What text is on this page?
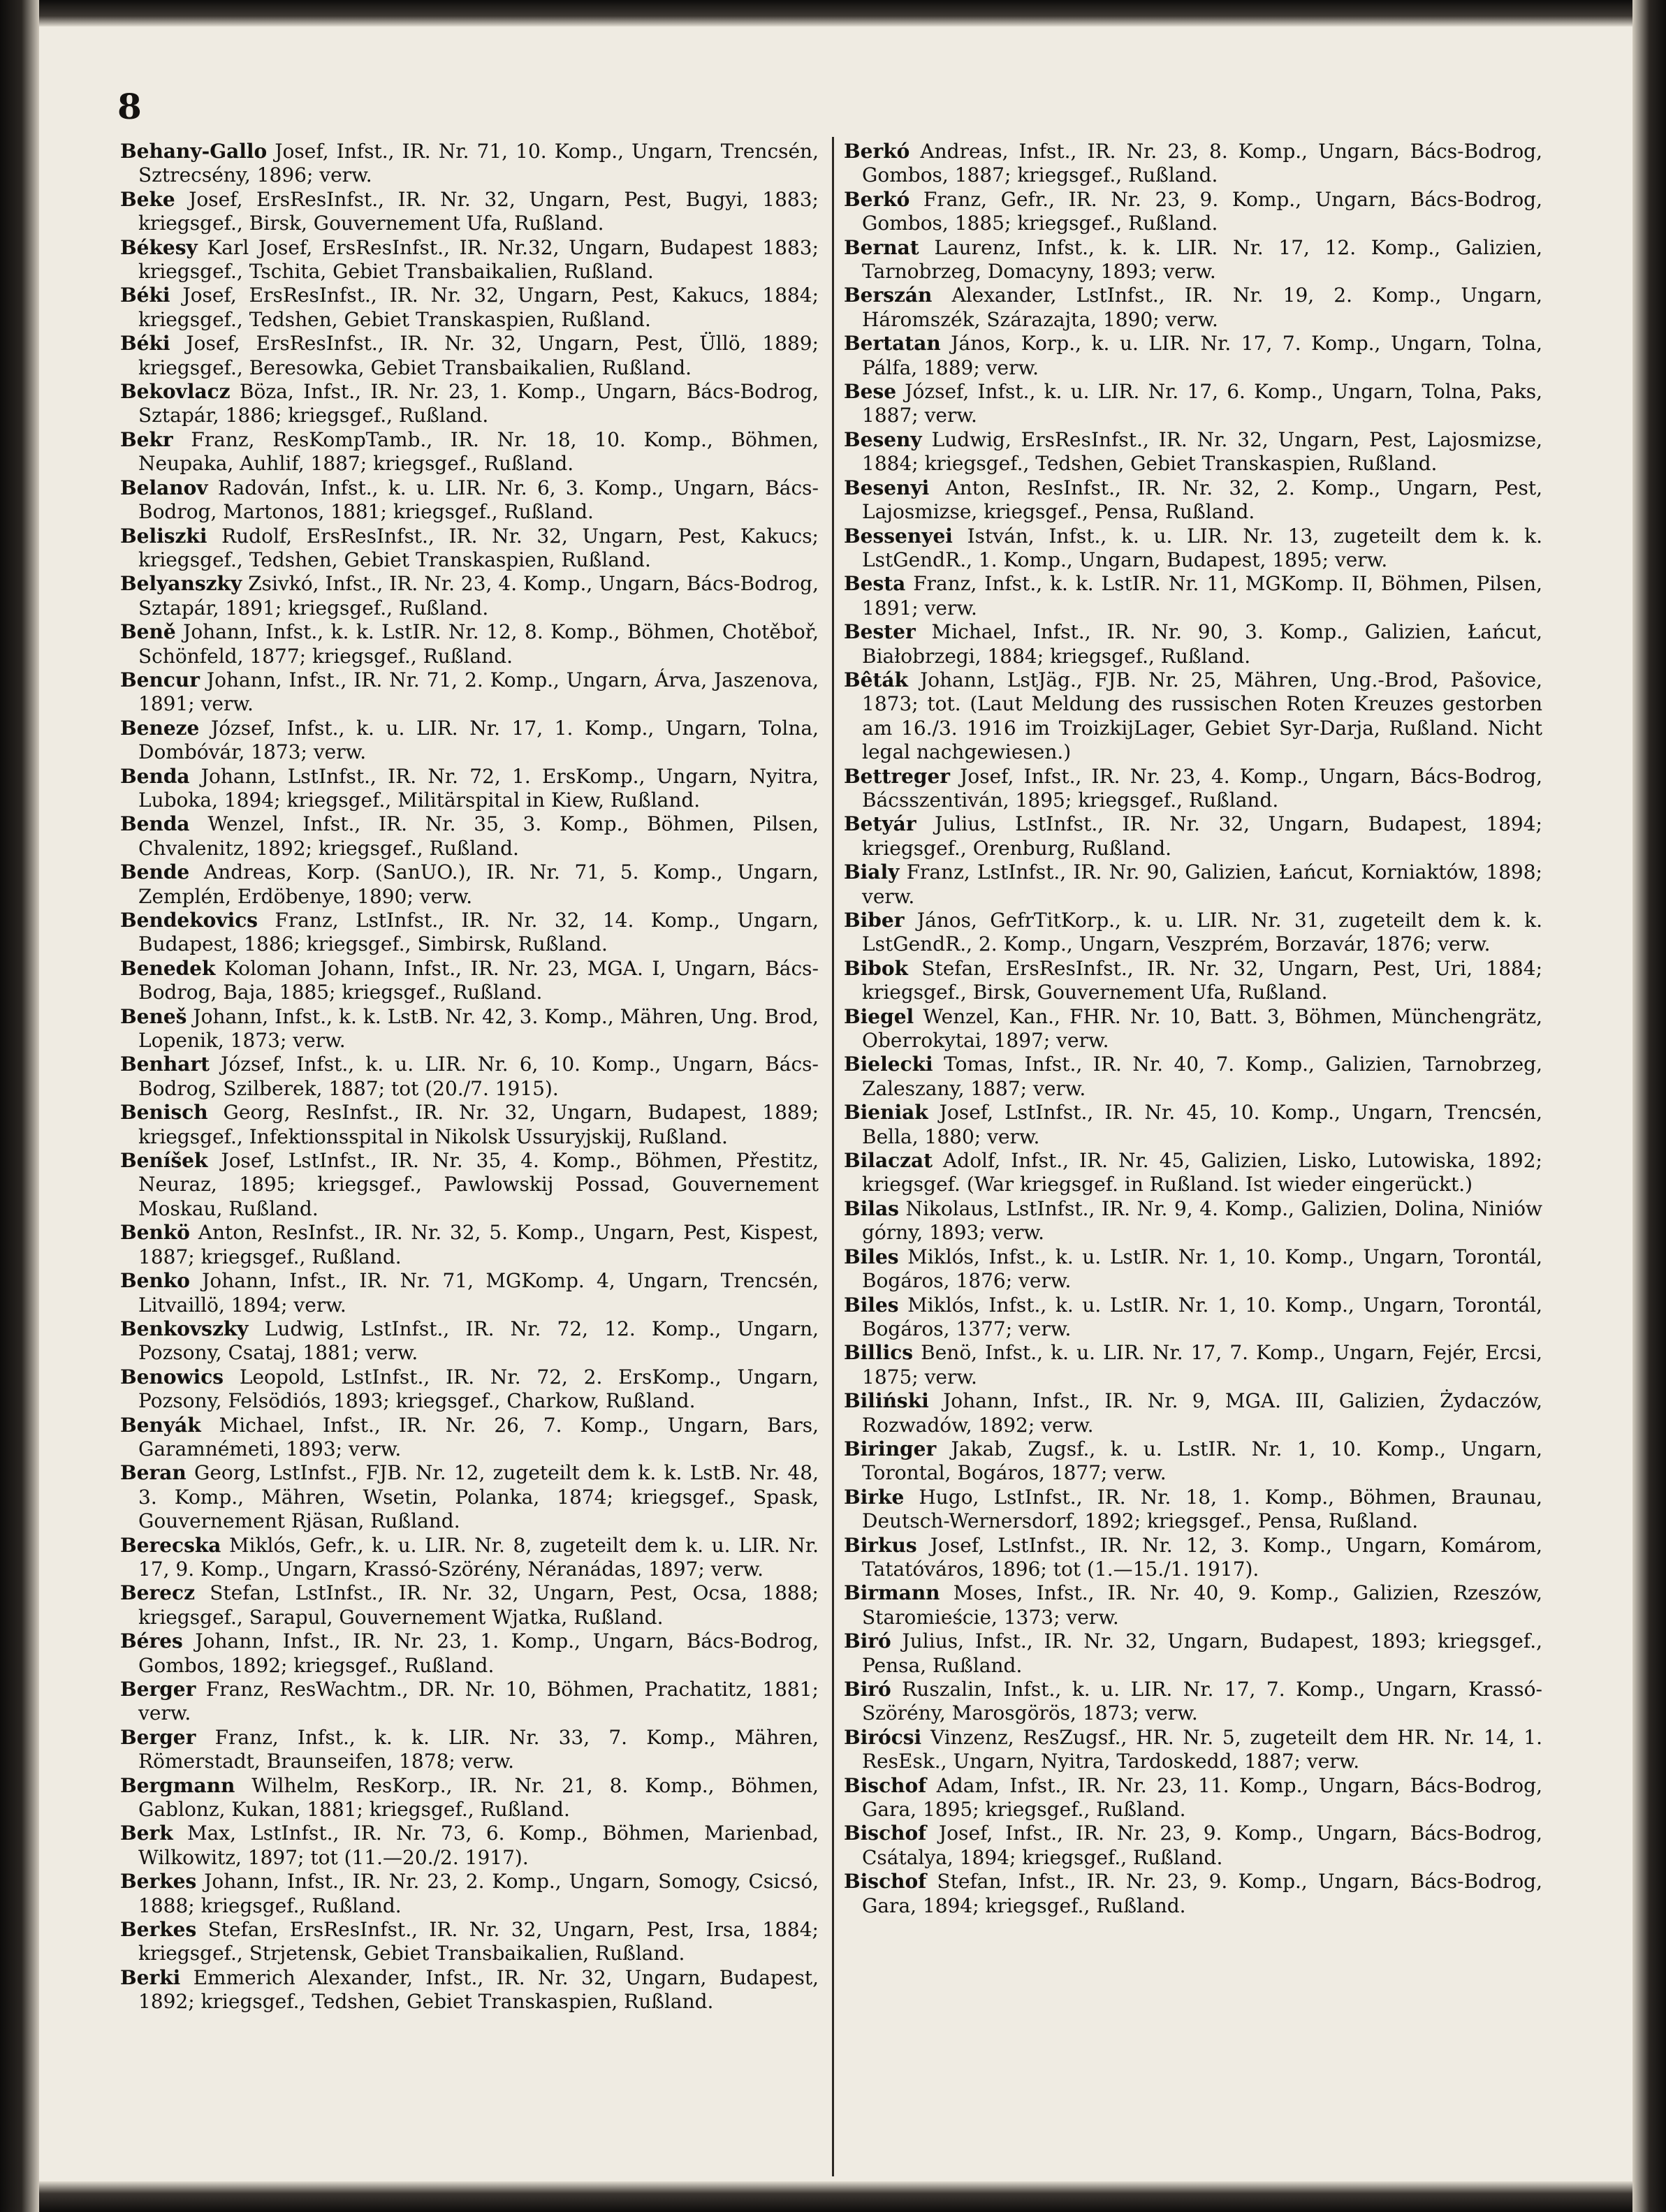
8

Behany-Gallo Josef, Infst., IR. Nr. 71, 10. Komp., Ungarn, Trencsén, Sztrecsény, 1896; verw.

Beke Josef, ErsResInfst., IR. Nr. 32, Ungarn, Pest, Bugyi, 1883; kriegsgef., Birsk, Gouvernement Ufa, Rußland.

Békesy Karl Josef, ErsResInfst., IR. Nr.32, Ungarn, Budapest 1883; kriegsgef., Tschita, Gebiet Transbaikalien, Rußland.

Béki Josef, ErsResInfst., IR. Nr. 32, Ungarn, Pest, Kakucs, 1884; kriegsgef., Tedshen, Gebiet Transkaspien, Rußland.

Béki Josef, ErsResInfst., IR. Nr. 32, Ungarn, Pest, Üllö, 1889; kriegsgef., Beresowka, Gebiet Transbaikalien, Rußland.

Bekovlacz Böza, Infst., IR. Nr. 23, 1. Komp., Ungarn, Bács-Bodrog, Sztapár, 1886; kriegsgef., Rußland.

Bekr Franz, ResKompTamb., IR. Nr. 18, 10. Komp., Böhmen, Neupaka, Auhlif, 1887; kriegsgef., Rußland.

Belanov Radován, Infst., k. u. LIR. Nr. 6, 3. Komp., Ungarn, Bács-Bodrog, Martonos, 1881; kriegsgef., Rußland.

Beliszki Rudolf, ErsResInfst., IR. Nr. 32, Ungarn, Pest, Kakucs; kriegsgef., Tedshen, Gebiet Transkaspien, Rußland.

Belyanszky Zsivkó, Infst., IR. Nr. 23, 4. Komp., Ungarn, Bács-Bodrog, Sztapár, 1891; kriegsgef., Rußland.

Beně Johann, Infst., k. k. LstIR. Nr. 12, 8. Komp., Böhmen, Chotěboř, Schönfeld, 1877; kriegsgef., Rußland.

Bencur Johann, Infst., IR. Nr. 71, 2. Komp., Ungarn, Árva, Jaszenova, 1891; verw.

Beneze József, Infst., k. u. LIR. Nr. 17, 1. Komp., Ungarn, Tolna, Dombóvár, 1873; verw.

Benda Johann, LstInfst., IR. Nr. 72, 1. ErsKomp., Ungarn, Nyitra, Luboka, 1894; kriegsgef., Militärspital in Kiew, Rußland.

Benda Wenzel, Infst., IR. Nr. 35, 3. Komp., Böhmen, Pilsen, Chvalenitz, 1892; kriegsgef., Rußland.

Bende Andreas, Korp. (SanUO.), IR. Nr. 71, 5. Komp., Ungarn, Zemplén, Erdöbenye, 1890; verw.

Bendekovics Franz, LstInfst., IR. Nr. 32, 14. Komp., Ungarn, Budapest, 1886; kriegsgef., Simbirsk, Rußland.

Benedek Koloman Johann, Infst., IR. Nr. 23, MGA. I, Ungarn, Bács-Bodrog, Baja, 1885; kriegsgef., Rußland.

Beneš Johann, Infst., k. k. LstB. Nr. 42, 3. Komp., Mähren, Ung. Brod, Lopenik, 1873; verw.

Benhart József, Infst., k. u. LIR. Nr. 6, 10. Komp., Ungarn, Bács-Bodrog, Szilberek, 1887; tot (20./7. 1915).

Benisch Georg, ResInfst., IR. Nr. 32, Ungarn, Budapest, 1889; kriegsgef., Infektionsspital in Nikolsk Ussuryjskij, Rußland.

Beníšek Josef, LstInfst., IR. Nr. 35, 4. Komp., Böhmen, Přestitz, Neuraz, 1895; kriegsgef., Pawlowskij Possad, Gouvernement Moskau, Rußland.

Benkö Anton, ResInfst., IR. Nr. 32, 5. Komp., Ungarn, Pest, Kispest, 1887; kriegsgef., Rußland.

Benko Johann, Infst., IR. Nr. 71, MGKomp. 4, Ungarn, Trencsén, Litvaillö, 1894; verw.

Benkovszky Ludwig, LstInfst., IR. Nr. 72, 12. Komp., Ungarn, Pozsony, Csataj, 1881; verw.

Benowics Leopold, LstInfst., IR. Nr. 72, 2. ErsKomp., Ungarn, Pozsony, Felsödiós, 1893; kriegsgef., Charkow, Rußland.

Benyák Michael, Infst., IR. Nr. 26, 7. Komp., Ungarn, Bars, Garamnémeti, 1893; verw.

Beran Georg, LstInfst., FJB. Nr. 12, zugeteilt dem k. k. LstB. Nr. 48, 3. Komp., Mähren, Wsetin, Polanka, 1874; kriegsgef., Spask, Gouvernement Rjäsan, Rußland.

Berecska Miklós, Gefr., k. u. LIR. Nr. 8, zugeteilt dem k. u. LIR. Nr. 17, 9. Komp., Ungarn, Krassó-Szörény, Néranádas, 1897; verw.

Berecz Stefan, LstInfst., IR. Nr. 32, Ungarn, Pest, Ocsa, 1888; kriegsgef., Sarapul, Gouvernement Wjatka, Rußland.

Béres Johann, Infst., IR. Nr. 23, 1. Komp., Ungarn, Bács-Bodrog, Gombos, 1892; kriegsgef., Rußland.

Berger Franz, ResWachtm., DR. Nr. 10, Böhmen, Prachatitz, 1881; verw.

Berger Franz, Infst., k. k. LIR. Nr. 33, 7. Komp., Mähren, Römerstadt, Braunseifen, 1878; verw.

Bergmann Wilhelm, ResKorp., IR. Nr. 21, 8. Komp., Böhmen, Gablonz, Kukan, 1881; kriegsgef., Rußland.

Berk Max, LstInfst., IR. Nr. 73, 6. Komp., Böhmen, Marienbad, Wilkowitz, 1897; tot (11.—20./2. 1917).

Berkes Johann, Infst., IR. Nr. 23, 2. Komp., Ungarn, Somogy, Csicsó, 1888; kriegsgef., Rußland.

Berkes Stefan, ErsResInfst., IR. Nr. 32, Ungarn, Pest, Irsa, 1884; kriegsgef., Strjetensk, Gebiet Transbaikalien, Rußland.

Berki Emmerich Alexander, Infst., IR. Nr. 32, Ungarn, Budapest, 1892; kriegsgef., Tedshen, Gebiet Transkaspien, Rußland.

Berkó Andreas, Infst., IR. Nr. 23, 8. Komp., Ungarn, Bács-Bodrog, Gombos, 1887; kriegsgef., Rußland.

Berkó Franz, Gefr., IR. Nr. 23, 9. Komp., Ungarn, Bács-Bodrog, Gombos, 1885; kriegsgef., Rußland.

Bernat Laurenz, Infst., k. k. LIR. Nr. 17, 12. Komp., Galizien, Tarnobrzeg, Domacyny, 1893; verw.

Berszán Alexander, LstInfst., IR. Nr. 19, 2. Komp., Ungarn, Háromszék, Szárazajta, 1890; verw.

Bertatan János, Korp., k. u. LIR. Nr. 17, 7. Komp., Ungarn, Tolna, Pálfa, 1889; verw.

Bese József, Infst., k. u. LIR. Nr. 17, 6. Komp., Ungarn, Tolna, Paks, 1887; verw.

Beseny Ludwig, ErsResInfst., IR. Nr. 32, Ungarn, Pest, Lajosmizse, 1884; kriegsgef., Tedshen, Gebiet Transkaspien, Rußland.

Besenyi Anton, ResInfst., IR. Nr. 32, 2. Komp., Ungarn, Pest, Lajosmizse, kriegsgef., Pensa, Rußland.

Bessenyei István, Infst., k. u. LIR. Nr. 13, zugeteilt dem k. k. LstGendR., 1. Komp., Ungarn, Budapest, 1895; verw.

Besta Franz, Infst., k. k. LstIR. Nr. 11, MGKomp. II, Böhmen, Pilsen, 1891; verw.

Bester Michael, Infst., IR. Nr. 90, 3. Komp., Galizien, Łańcut, Białobrzegi, 1884; kriegsgef., Rußland.

Bêták Johann, LstJäg., FJB. Nr. 25, Mähren, Ung.-Brod, Pašovice, 1873; tot. (Laut Meldung des russischen Roten Kreuzes gestorben am 16./3. 1916 im TroizkijLager, Gebiet Syr-Darja, Rußland. Nicht legal nachgewiesen.)

Bettreger Josef, Infst., IR. Nr. 23, 4. Komp., Ungarn, Bács-Bodrog, Bácsszentiván, 1895; kriegsgef., Rußland.

Betyár Julius, LstInfst., IR. Nr. 32, Ungarn, Budapest, 1894; kriegsgef., Orenburg, Rußland.

Bialy Franz, LstInfst., IR. Nr. 90, Galizien, Łańcut, Korniaktów, 1898; verw.

Biber János, GefrTitKorp., k. u. LIR. Nr. 31, zugeteilt dem k. k. LstGendR., 2. Komp., Ungarn, Veszprém, Borzavár, 1876; verw.

Bibok Stefan, ErsResInfst., IR. Nr. 32, Ungarn, Pest, Uri, 1884; kriegsgef., Birsk, Gouvernement Ufa, Rußland.

Biegel Wenzel, Kan., FHR. Nr. 10, Batt. 3, Böhmen, Münchengrätz, Oberrokytai, 1897; verw.

Bielecki Tomas, Infst., IR. Nr. 40, 7. Komp., Galizien, Tarnobrzeg, Zaleszany, 1887; verw.

Bieniak Josef, LstInfst., IR. Nr. 45, 10. Komp., Ungarn, Trencsén, Bella, 1880; verw.

Bilaczat Adolf, Infst., IR. Nr. 45, Galizien, Lisko, Lutowiska, 1892; kriegsgef. (War kriegsgef. in Rußland. Ist wieder eingerückt.)

Bilas Nikolaus, LstInfst., IR. Nr. 9, 4. Komp., Galizien, Dolina, Niniów górny, 1893; verw.

Biles Miklós, Infst., k. u. LstIR. Nr. 1, 10. Komp., Ungarn, Torontál, Bogáros, 1876; verw.

Biles Miklós, Infst., k. u. LstIR. Nr. 1, 10. Komp., Ungarn, Torontál, Bogáros, 1377; verw.

Billics Benö, Infst., k. u. LIR. Nr. 17, 7. Komp., Ungarn, Fejér, Ercsi, 1875; verw.

Biliński Johann, Infst., IR. Nr. 9, MGA. III, Galizien, Żydaczów, Rozwadów, 1892; verw.

Biringer Jakab, Zugsf., k. u. LstIR. Nr. 1, 10. Komp., Ungarn, Torontal, Bogáros, 1877; verw.

Birke Hugo, LstInfst., IR. Nr. 18, 1. Komp., Böhmen, Braunau, Deutsch-Wernersdorf, 1892; kriegsgef., Pensa, Rußland.

Birkus Josef, LstInfst., IR. Nr. 12, 3. Komp., Ungarn, Komárom, Tatatóváros, 1896; tot (1.—15./1. 1917).

Birmann Moses, Infst., IR. Nr. 40, 9. Komp., Galizien, Rzeszów, Staromieście, 1373; verw.

Biró Julius, Infst., IR. Nr. 32, Ungarn, Budapest, 1893; kriegsgef., Pensa, Rußland.

Biró Ruszalin, Infst., k. u. LIR. Nr. 17, 7. Komp., Ungarn, Krassó-Szörény, Marosgörös, 1873; verw.

Birócsi Vinzenz, ResZugsf., HR. Nr. 5, zugeteilt dem HR. Nr. 14, 1. ResEsk., Ungarn, Nyitra, Tardoskedd, 1887; verw.

Bischof Adam, Infst., IR. Nr. 23, 11. Komp., Ungarn, Bács-Bodrog, Gara, 1895; kriegsgef., Rußland.

Bischof Josef, Infst., IR. Nr. 23, 9. Komp., Ungarn, Bács-Bodrog, Csátalya, 1894; kriegsgef., Rußland.

Bischof Stefan, Infst., IR. Nr. 23, 9. Komp., Ungarn, Bács-Bodrog, Gara, 1894; kriegsgef., Rußland.
